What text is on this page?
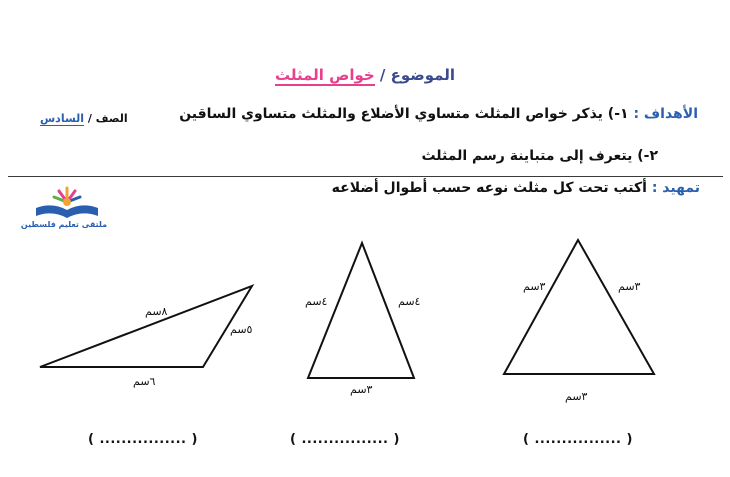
الموضوع / خواص المثلث
الأهداف : ١-) يذكر خواص المثلث متساوي الأضلاع والمثلث متساوي الساقين
٢-) يتعرف إلى متباينة رسم المثلث
الصف / السادس
تمهيد : أكتب تحت كل مثلث نوعه حسب أطوال أضلاعه
ملتقى تعليم فلسطين
٣سم	٣سم
٣سم
٤سم	٤سم
٣سم
٨سم
٥سم
٦سم
( ................ )
( ................ )
( ................ )
